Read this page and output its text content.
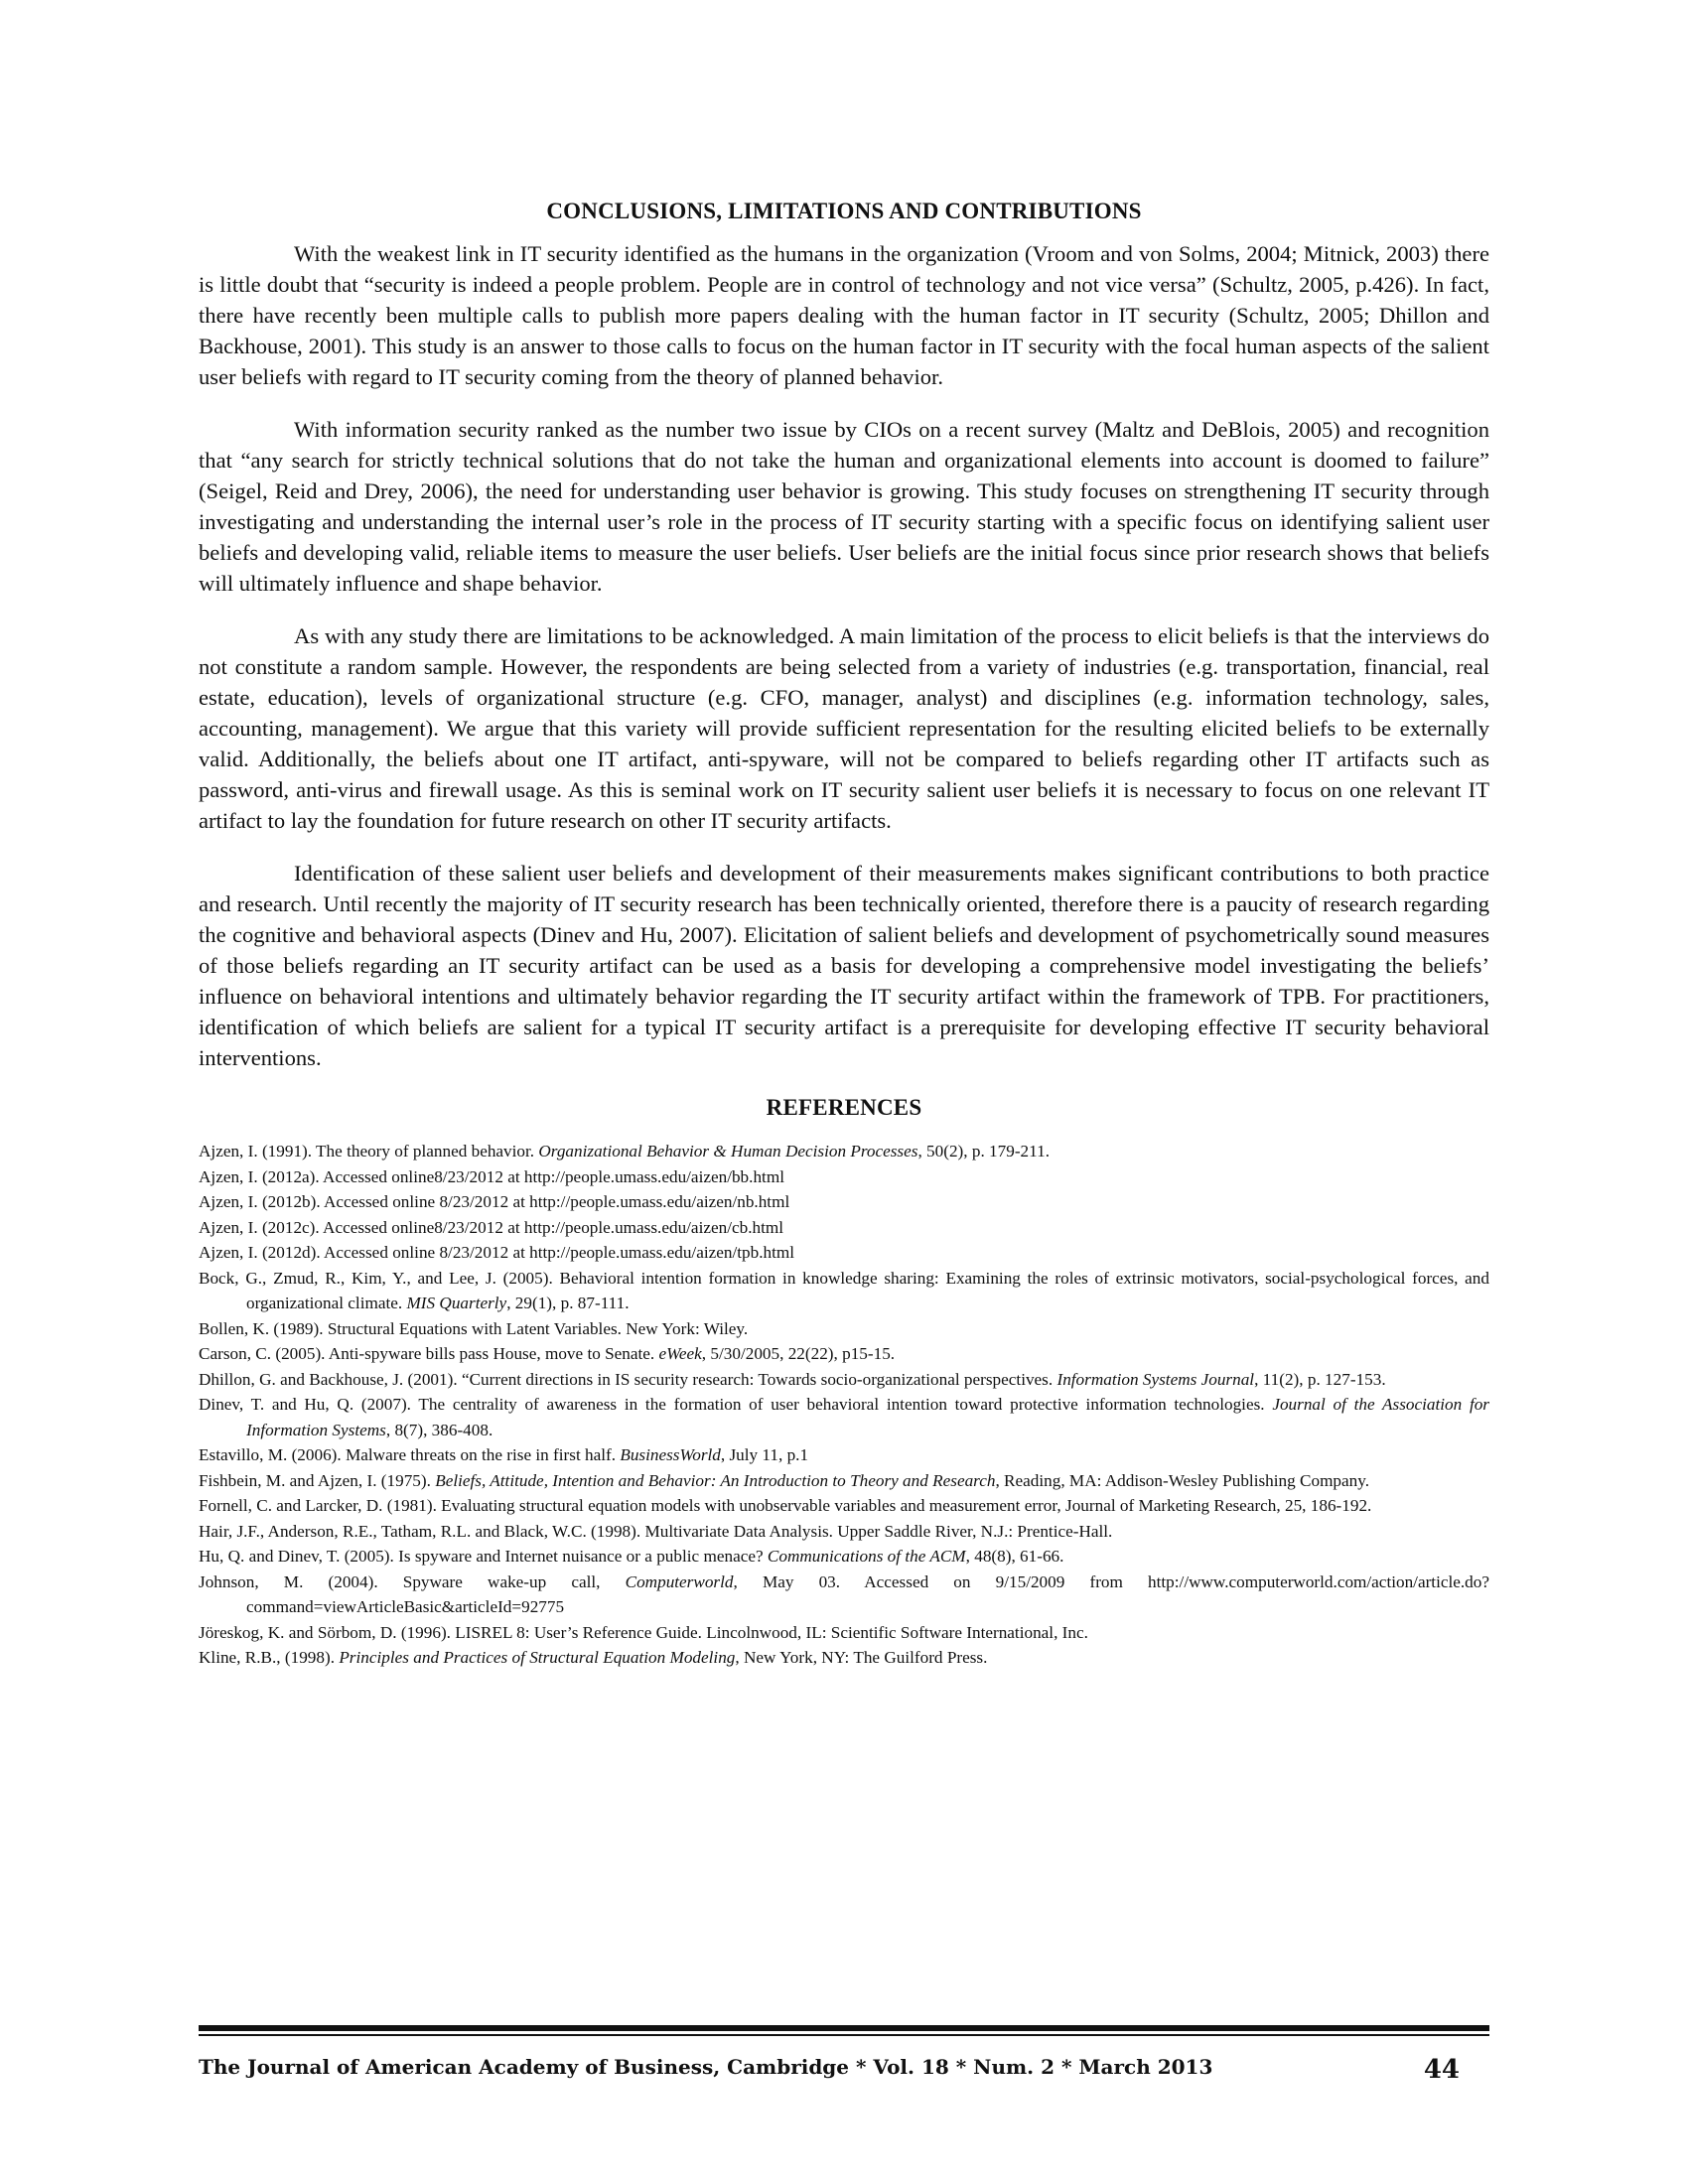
CONCLUSIONS, LIMITATIONS AND CONTRIBUTIONS

With the weakest link in IT security identified as the humans in the organization (Vroom and von Solms, 2004; Mitnick, 2003) there is little doubt that “security is indeed a people problem. People are in control of technology and not vice versa” (Schultz, 2005, p.426). In fact, there have recently been multiple calls to publish more papers dealing with the human factor in IT security (Schultz, 2005; Dhillon and Backhouse, 2001). This study is an answer to those calls to focus on the human factor in IT security with the focal human aspects of the salient user beliefs with regard to IT security coming from the theory of planned behavior.

With information security ranked as the number two issue by CIOs on a recent survey (Maltz and DeBlois, 2005) and recognition that “any search for strictly technical solutions that do not take the human and organizational elements into account is doomed to failure” (Seigel, Reid and Drey, 2006), the need for understanding user behavior is growing. This study focuses on strengthening IT security through investigating and understanding the internal user’s role in the process of IT security starting with a specific focus on identifying salient user beliefs and developing valid, reliable items to measure the user beliefs. User beliefs are the initial focus since prior research shows that beliefs will ultimately influence and shape behavior.

As with any study there are limitations to be acknowledged. A main limitation of the process to elicit beliefs is that the interviews do not constitute a random sample. However, the respondents are being selected from a variety of industries (e.g. transportation, financial, real estate, education), levels of organizational structure (e.g. CFO, manager, analyst) and disciplines (e.g. information technology, sales, accounting, management). We argue that this variety will provide sufficient representation for the resulting elicited beliefs to be externally valid. Additionally, the beliefs about one IT artifact, anti-spyware, will not be compared to beliefs regarding other IT artifacts such as password, anti-virus and firewall usage. As this is seminal work on IT security salient user beliefs it is necessary to focus on one relevant IT artifact to lay the foundation for future research on other IT security artifacts.

Identification of these salient user beliefs and development of their measurements makes significant contributions to both practice and research. Until recently the majority of IT security research has been technically oriented, therefore there is a paucity of research regarding the cognitive and behavioral aspects (Dinev and Hu, 2007). Elicitation of salient beliefs and development of psychometrically sound measures of those beliefs regarding an IT security artifact can be used as a basis for developing a comprehensive model investigating the beliefs’ influence on behavioral intentions and ultimately behavior regarding the IT security artifact within the framework of TPB. For practitioners, identification of which beliefs are salient for a typical IT security artifact is a prerequisite for developing effective IT security behavioral interventions.

REFERENCES

Ajzen, I. (1991). The theory of planned behavior. Organizational Behavior & Human Decision Processes, 50(2), p. 179-211.

Ajzen, I. (2012a). Accessed online8/23/2012 at http://people.umass.edu/aizen/bb.html

Ajzen, I. (2012b). Accessed online 8/23/2012 at http://people.umass.edu/aizen/nb.html

Ajzen, I. (2012c). Accessed online8/23/2012 at http://people.umass.edu/aizen/cb.html

Ajzen, I. (2012d). Accessed online 8/23/2012 at http://people.umass.edu/aizen/tpb.html

Bock, G., Zmud, R., Kim, Y., and Lee, J. (2005). Behavioral intention formation in knowledge sharing: Examining the roles of extrinsic motivators, social-psychological forces, and organizational climate. MIS Quarterly, 29(1), p. 87-111.

Bollen, K. (1989). Structural Equations with Latent Variables. New York: Wiley.

Carson, C. (2005). Anti-spyware bills pass House, move to Senate. eWeek, 5/30/2005, 22(22), p15-15.

Dhillon, G. and Backhouse, J. (2001). “Current directions in IS security research: Towards socio-organizational perspectives. Information Systems Journal, 11(2), p. 127-153.

Dinev, T. and Hu, Q. (2007). The centrality of awareness in the formation of user behavioral intention toward protective information technologies. Journal of the Association for Information Systems, 8(7), 386-408.

Estavillo, M. (2006). Malware threats on the rise in first half. BusinessWorld, July 11, p.1

Fishbein, M. and Ajzen, I. (1975). Beliefs, Attitude, Intention and Behavior: An Introduction to Theory and Research, Reading, MA: Addison-Wesley Publishing Company.

Fornell, C. and Larcker, D. (1981). Evaluating structural equation models with unobservable variables and measurement error, Journal of Marketing Research, 25, 186-192.

Hair, J.F., Anderson, R.E., Tatham, R.L. and Black, W.C. (1998). Multivariate Data Analysis. Upper Saddle River, N.J.: Prentice-Hall.

Hu, Q. and Dinev, T. (2005). Is spyware and Internet nuisance or a public menace? Communications of the ACM, 48(8), 61-66.

Johnson, M. (2004). Spyware wake-up call, Computerworld, May 03. Accessed on 9/15/2009 from http://www.computerworld.com/action/article.do?command=viewArticleBasic&articleId=92775

Jöreskog, K. and Sörbom, D. (1996). LISREL 8: User’s Reference Guide. Lincolnwood, IL: Scientific Software International, Inc.

Kline, R.B., (1998). Principles and Practices of Structural Equation Modeling, New York, NY: The Guilford Press.

The Journal of American Academy of Business, Cambridge * Vol. 18 * Num. 2 * March 2013	44
